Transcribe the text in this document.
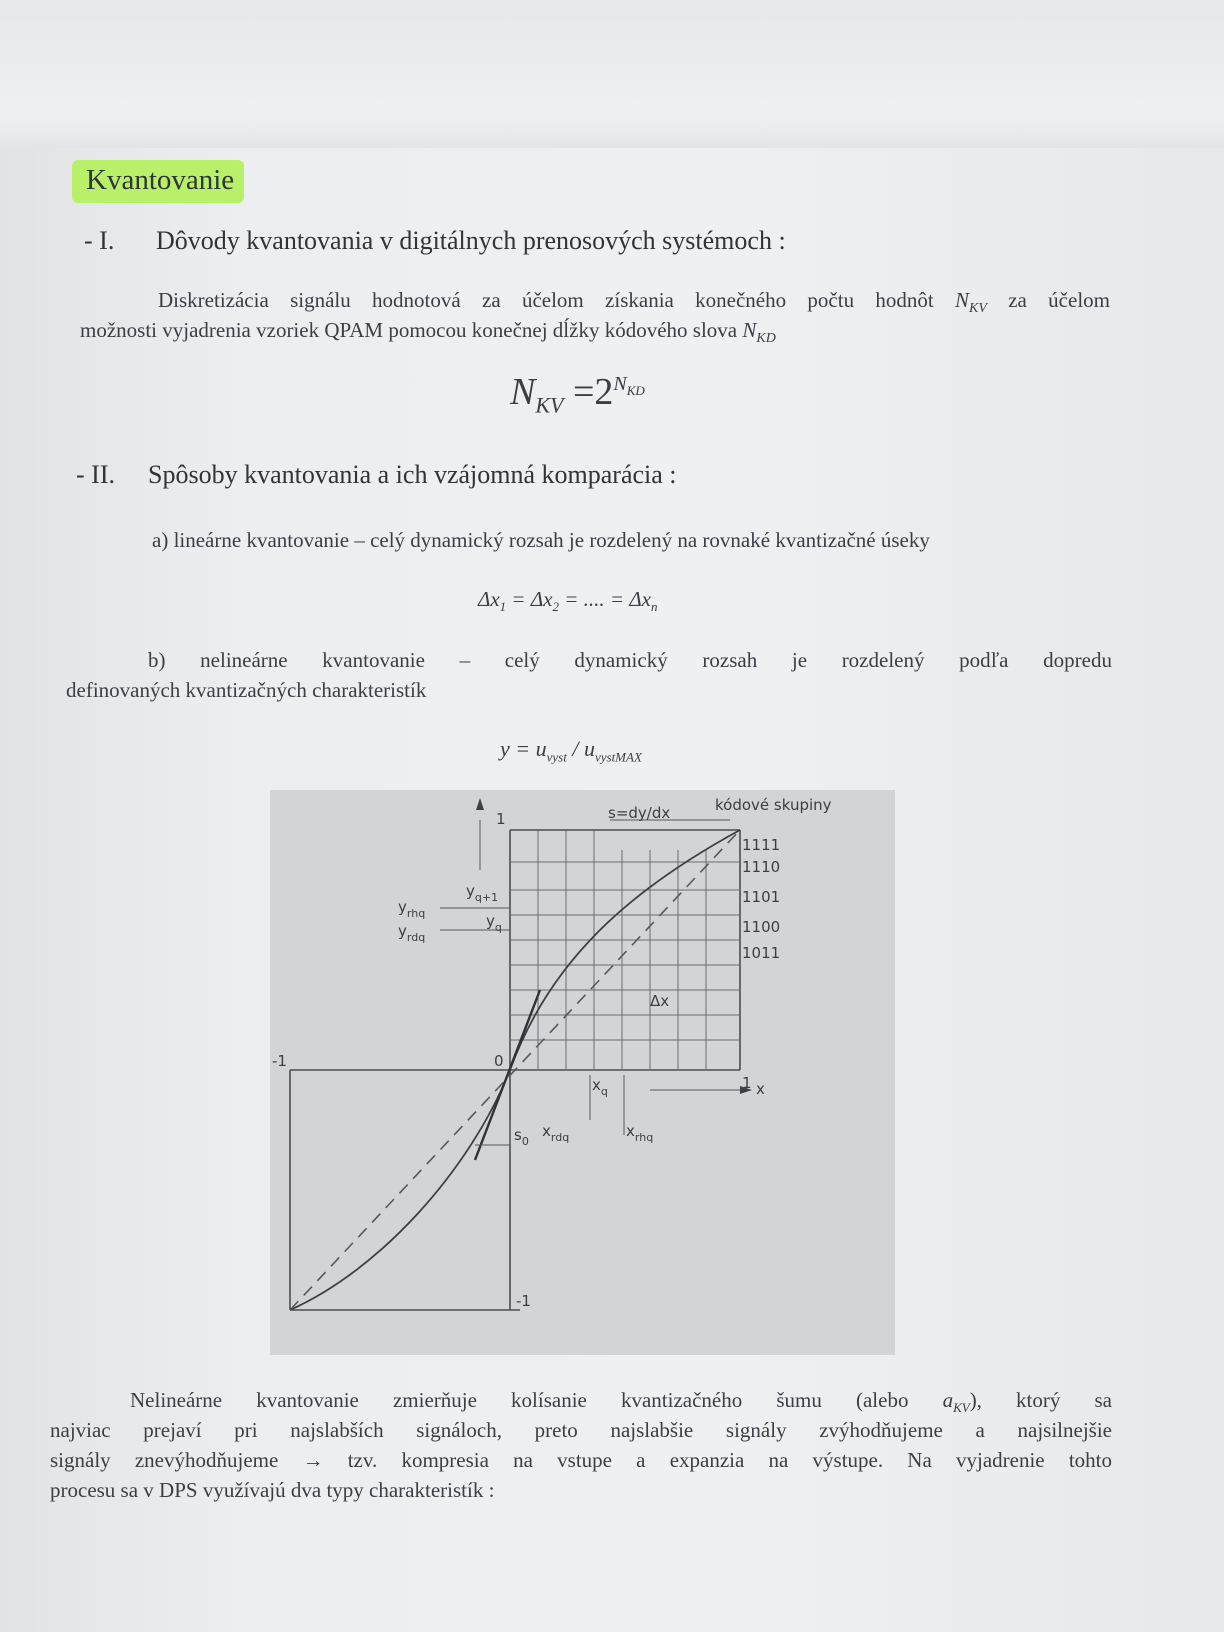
Kvantovanie
- I. Dôvody kvantovania v digitálnych prenosových systémoch :
Diskretizácia signálu hodnotová za účelom získania konečného počtu hodnôt $N_{KV}$ za účelom
možnosti vyjadrenia vzoriek QPAM pomocou konečnej dĺžky kódového slova $N_{KD}$
$N_{KV} =2^{N_{KD}}$
- II. Spôsoby kvantovania a ich vzájomná komparácia :
a) lineárne kvantovanie – celý dynamický rozsah je rozdelený na rovnaké kvantizačné úseky
$\Delta x_1 = \Delta x_2$ = .... = $\Delta x_n$
b) nelineárne kvantovanie – celý dynamický rozsah je rozdelený podľa dopredu
definovaných kvantizačných charakteristík
$y = u_{vyst} / u_{vystMAX}$
s=dy/dx	kódové skupiny
1111
1110
1101
1100
1011
$y_{rhq}$
$y_{rdq}$
$y_{q+1}$
$y_q$
Δx
0
1
1
-1
-1
$x_q$
$x_{rdq}$	$x_{rhq}$
x
$s_0$
Nelineárne kvantovanie zmierňuje kolísanie kvantizačného šumu (alebo $a_{KV}$), ktorý sa
najviac prejaví pri najslabších signáloch, preto najslabšie signály zvýhodňujeme a najsilnejšie
signály znevýhodňujeme → tzv. kompresia na vstupe a expanzia na výstupe. Na vyjadrenie tohto
procesu sa v DPS využívajú dva typy charakteristík :
